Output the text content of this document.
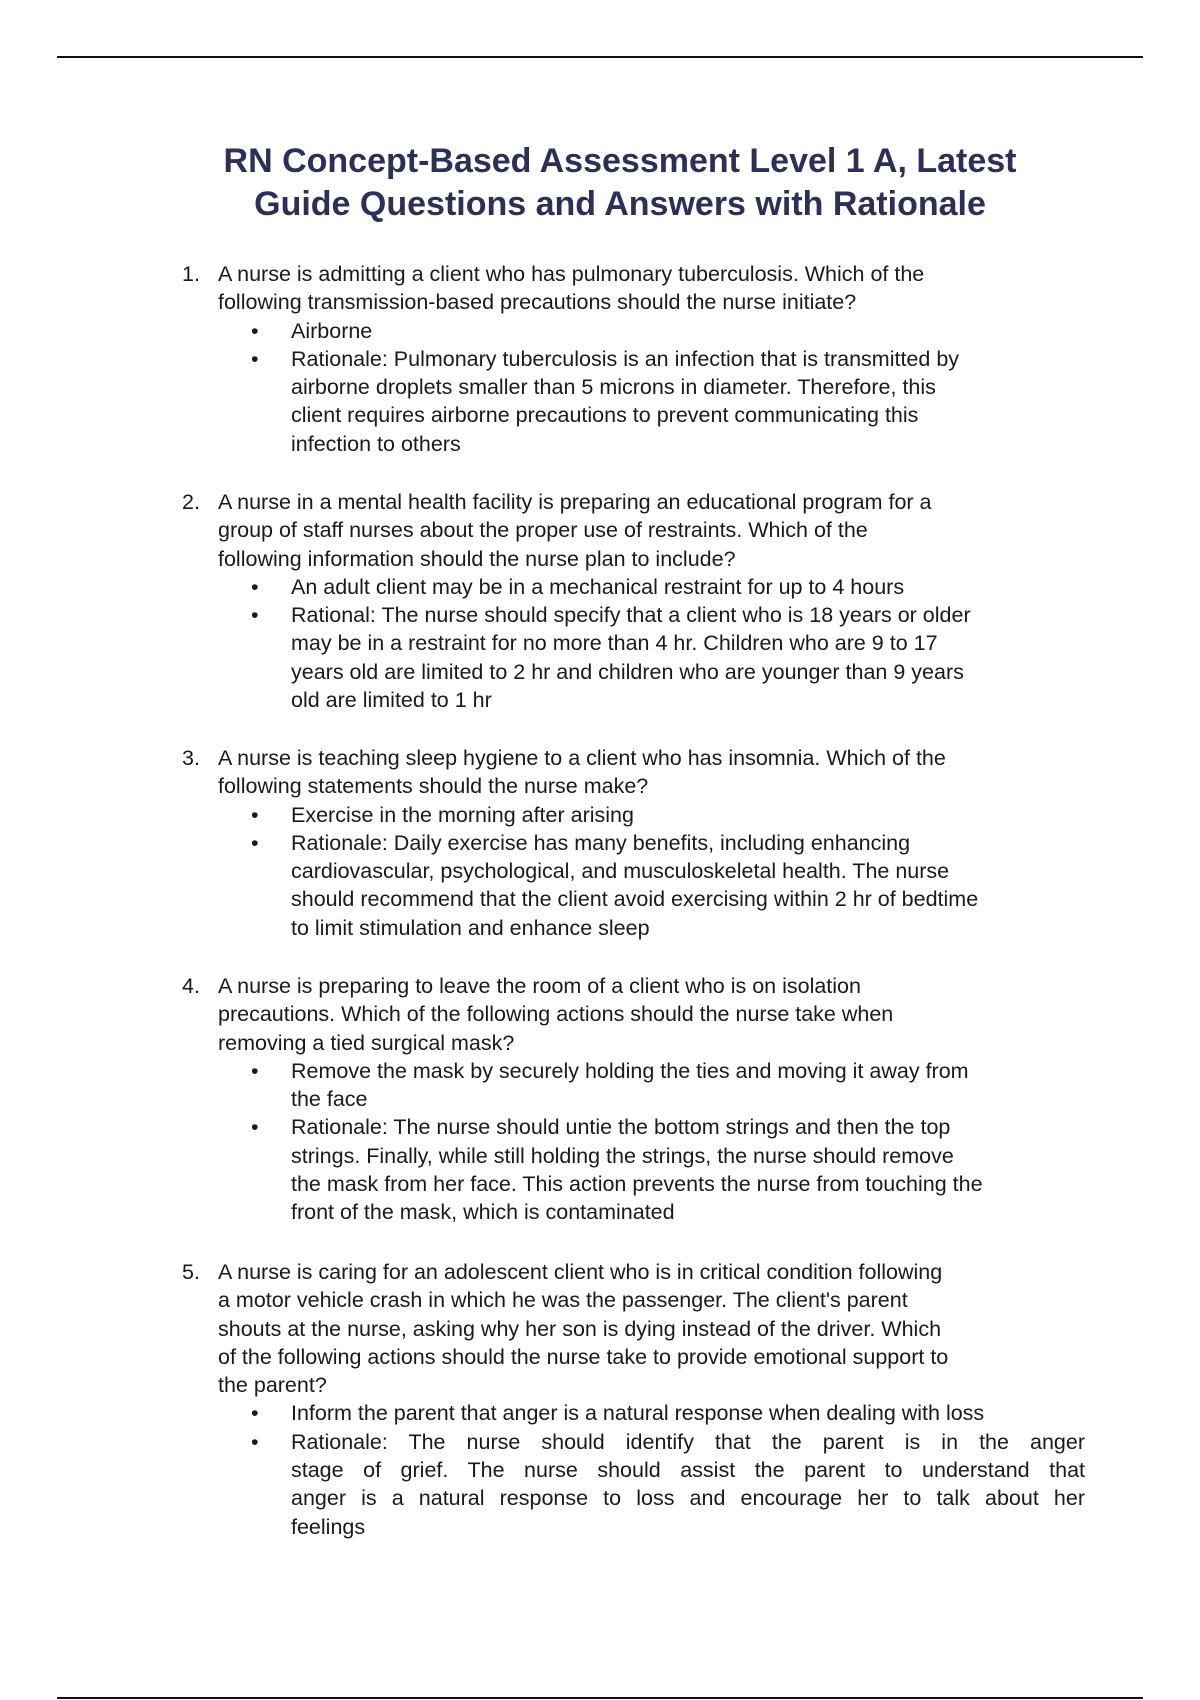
RN Concept-Based Assessment Level 1 A, Latest
Guide Questions and Answers with Rationale
1. A nurse is admitting a client who has pulmonary tuberculosis. Which of the
following transmission-based precautions should the nurse initiate?
• Airborne
• Rationale: Pulmonary tuberculosis is an infection that is transmitted by
airborne droplets smaller than 5 microns in diameter. Therefore, this
client requires airborne precautions to prevent communicating this
infection to others
2. A nurse in a mental health facility is preparing an educational program for a
group of staff nurses about the proper use of restraints. Which of the
following information should the nurse plan to include?
• An adult client may be in a mechanical restraint for up to 4 hours
• Rational: The nurse should specify that a client who is 18 years or older
may be in a restraint for no more than 4 hr. Children who are 9 to 17
years old are limited to 2 hr and children who are younger than 9 years
old are limited to 1 hr
3. A nurse is teaching sleep hygiene to a client who has insomnia. Which of the
following statements should the nurse make?
• Exercise in the morning after arising
• Rationale: Daily exercise has many benefits, including enhancing
cardiovascular, psychological, and musculoskeletal health. The nurse
should recommend that the client avoid exercising within 2 hr of bedtime
to limit stimulation and enhance sleep
4. A nurse is preparing to leave the room of a client who is on isolation
precautions. Which of the following actions should the nurse take when
removing a tied surgical mask?
• Remove the mask by securely holding the ties and moving it away from
the face
• Rationale: The nurse should untie the bottom strings and then the top
strings. Finally, while still holding the strings, the nurse should remove
the mask from her face. This action prevents the nurse from touching the
front of the mask, which is contaminated
5. A nurse is caring for an adolescent client who is in critical condition following
a motor vehicle crash in which he was the passenger. The client's parent
shouts at the nurse, asking why her son is dying instead of the driver. Which
of the following actions should the nurse take to provide emotional support to
the parent?
• Inform the parent that anger is a natural response when dealing with loss
• Rationale: The nurse should identify that the parent is in the anger
stage of grief. The nurse should assist the parent to understand that
anger is a natural response to loss and encourage her to talk about her
feelings
